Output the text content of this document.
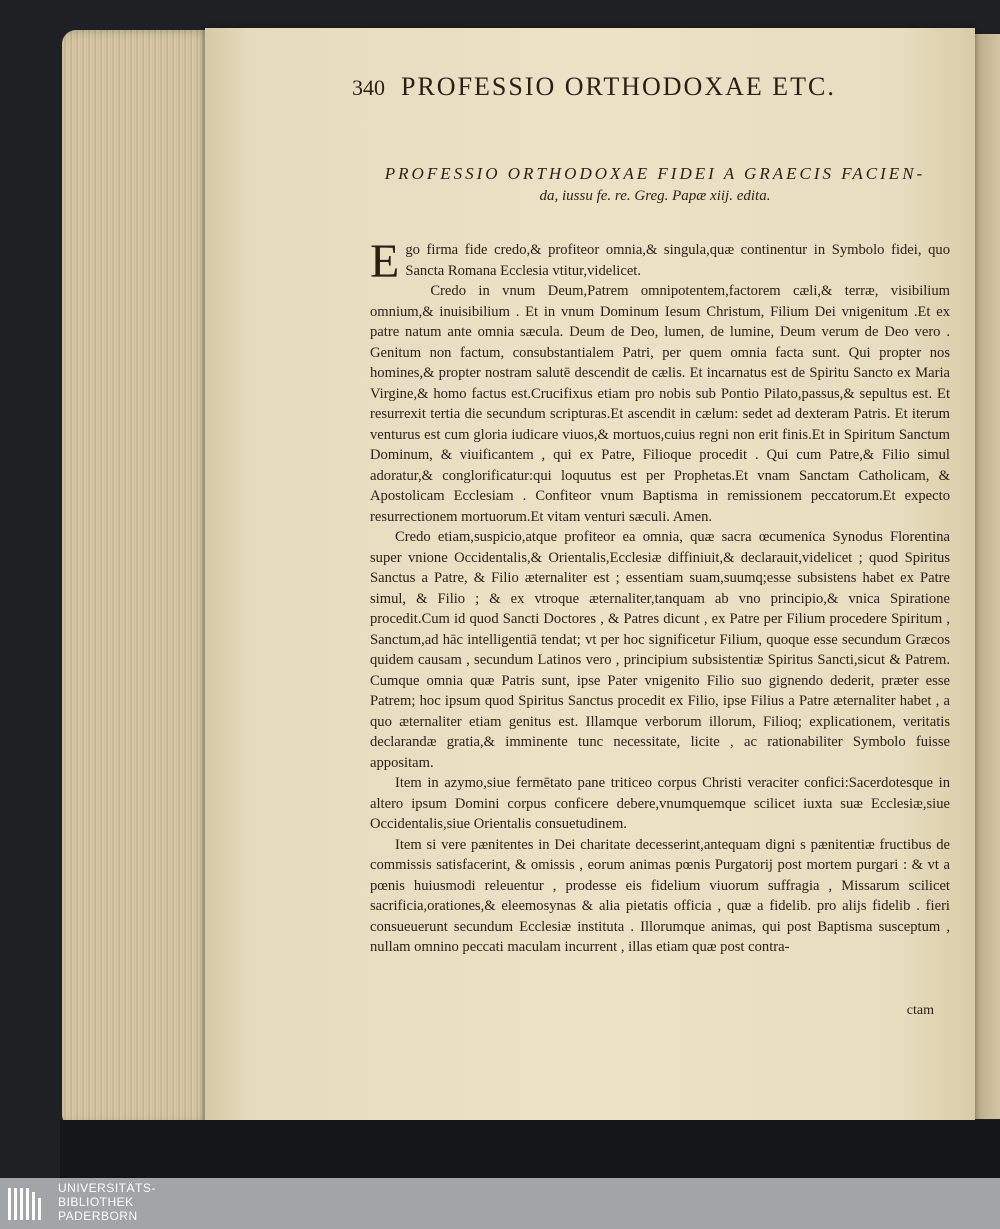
340 PROFESSIO ORTHODOXAE ETC.
PROFESSIO ORTHODOXAE FIDEI A GRAECIS FACIEN-
da, iussu fe. re. Greg. Papæ xiij. edita.

Ego firma fide credo,& profiteor omnia,& singula,quæ continentur in Symbolo fidei, quo Sancta Romana Ecclesia vtitur,videlicet.

Credo in vnum Deum,Patrem omnipotentem,factorem cæli,& terræ, visibilium omnium,& inuisibilium . Et in vnum Dominum Iesum Christum, Filium Dei vnigenitum .Et ex patre natum ante omnia sæcula. Deum de Deo, lumen, de lumine, Deum verum de Deo vero . Genitum non factum, consubstantialem Patri, per quem omnia facta sunt. Qui propter nos homines,& propter nostram salutē descendit de cælis. Et incarnatus est de Spiritu Sancto ex Maria Virgine,& homo factus est.Crucifixus etiam pro nobis sub Pontio Pilato,passus,& sepultus est. Et resurrexit tertia die secundum scripturas.Et ascendit in cælum: sedet ad dexteram Patris. Et iterum venturus est cum gloria iudicare viuos,& mortuos,cuius regni non erit finis.Et in Spiritum Sanctum Dominum, & viuificantem , qui ex Patre, Filioque procedit . Qui cum Patre,& Filio simul adoratur,& conglorificatur:qui loquutus est per Prophetas.Et vnam Sanctam Catholicam, & Apostolicam Ecclesiam . Confiteor vnum Baptisma in remissionem peccatorum.Et expecto resurrectionem mortuorum.Et vitam venturi sæculi. Amen.

Credo etiam,suspicio,atque profiteor ea omnia, quæ sacra œcumenica Synodus Florentina super vnione Occidentalis,& Orientalis,Ecclesiæ diffiniuit,& declarauit,videlicet ; quod Spiritus Sanctus a Patre, & Filio æternaliter est ; essentiam suam,suumq;esse subsistens habet ex Patre simul, & Filio ; & ex vtroque æternaliter,tanquam ab vno principio,& vnica Spiratione procedit.Cum id quod Sancti Doctores , & Patres dicunt , ex Patre per Filium procedere Spiritum , Sanctum,ad hāc intelligentiā tendat; vt per hoc significetur Filium, quoque esse secundum Græcos quidem causam , secundum Latinos vero , principium subsistentiæ Spiritus Sancti,sicut & Patrem. Cumque omnia quæ Patris sunt, ipse Pater vnigenito Filio suo gignendo dederit, præter esse Patrem; hoc ipsum quod Spiritus Sanctus procedit ex Filio, ipse Filius a Patre æternaliter habet , a quo æternaliter etiam genitus est. Illamque verborum illorum, Filioq; explicationem, veritatis declarandæ gratia,& imminente tunc necessitate, licite , ac rationabiliter Symbolo fuisse appositam.

Item in azymo,siue fermētato pane triticeo corpus Christi veraciter confici:Sacerdotesque in altero ipsum Domini corpus conficere debere,vnumquemque scilicet iuxta suæ Ecclesiæ,siue Occidentalis,siue Orientalis consuetudinem.

Item si vere pænitentes in Dei charitate decesserint,antequam digni s pænitentiæ fructibus de commissis satisfacerint, & omissis , eorum animas pœnis Purgatorij post mortem purgari : & vt a pœnis huiusmodi releuentur , prodesse eis fidelium viuorum suffragia , Missarum scilicet sacrificia,orationes,& eleemosynas & alia pietatis officia , quæ a fidelib. pro alijs fidelib . fieri consueuerunt secundum Ecclesiæ instituta . Illorumque animas, qui post Baptisma susceptum , nullam omnino peccati maculam incurrent , illas etiam quæ post contra-

ctam
UNIVERSITÄTS-
BIBLIOTHEK
PADERBORN
